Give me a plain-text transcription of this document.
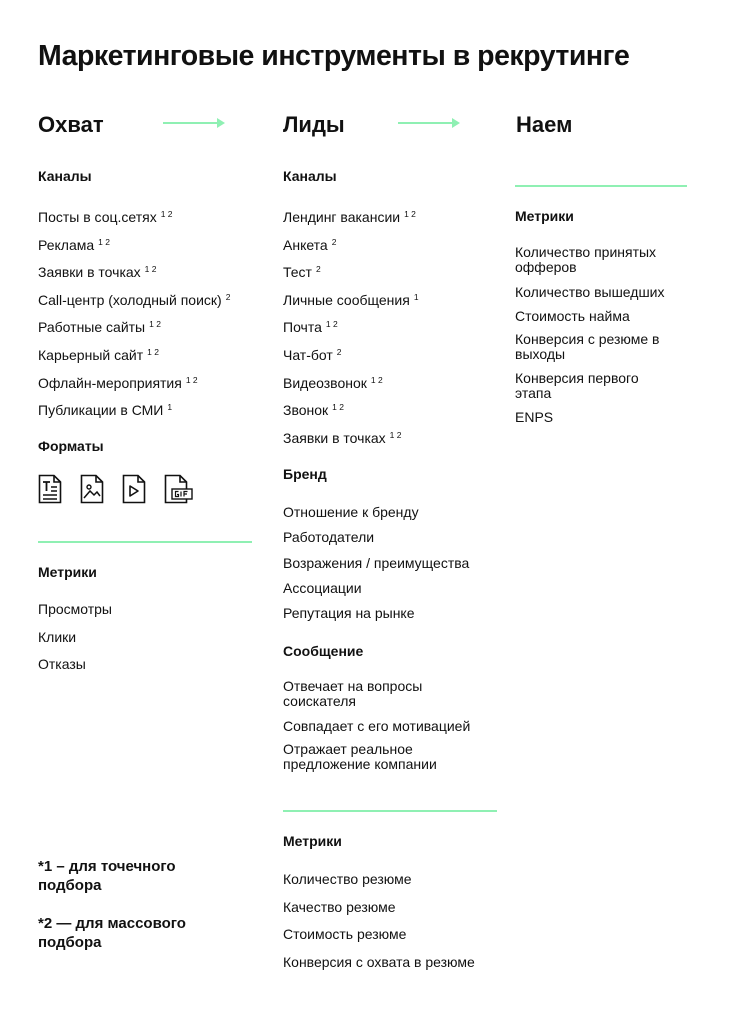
Маркетинговые инструменты в рекрутинге
Охват	Лиды	Наем
Каналы
Посты в соц.сетях $^{1 2}$
Реклама $^{1 2}$
Заявки в точках $^{1 2}$
Call-центр (холодный поиск) $^2$
Работные сайты $^{1 2}$
Карьерный сайт $^{1 2}$
Офлайн-мероприятия $^{1 2}$
Публикации в СМИ $^1$
Форматы
Метрики
Просмотры
Клики
Отказы
*1 – для точечного подбора
*2 — для массового подбора
Каналы
Лендинг вакансии $^{1 2}$
Анкета $^2$
Тест $^2$
Личные сообщения $^1$
Почта $^{1 2}$
Чат-бот $^2$
Видеозвонок $^{1 2}$
Звонок $^{1 2}$
Заявки в точках $^{1 2}$
Бренд
Отношение к бренду
Работодатели
Возражения / преимущества
Ассоциации
Репутация на рынке
Сообщение
Отвечает на вопросы соискателя
Совпадает с его мотивацией
Отражает реальное предложение компании
Метрики
Количество резюме
Качество резюме
Стоимость резюме
Конверсия с охвата в резюме
Метрики
Количество принятых офферов
Количество вышедших
Стоимость найма
Конверсия с резюме в выходы
Конверсия первого этапа
ENPS
